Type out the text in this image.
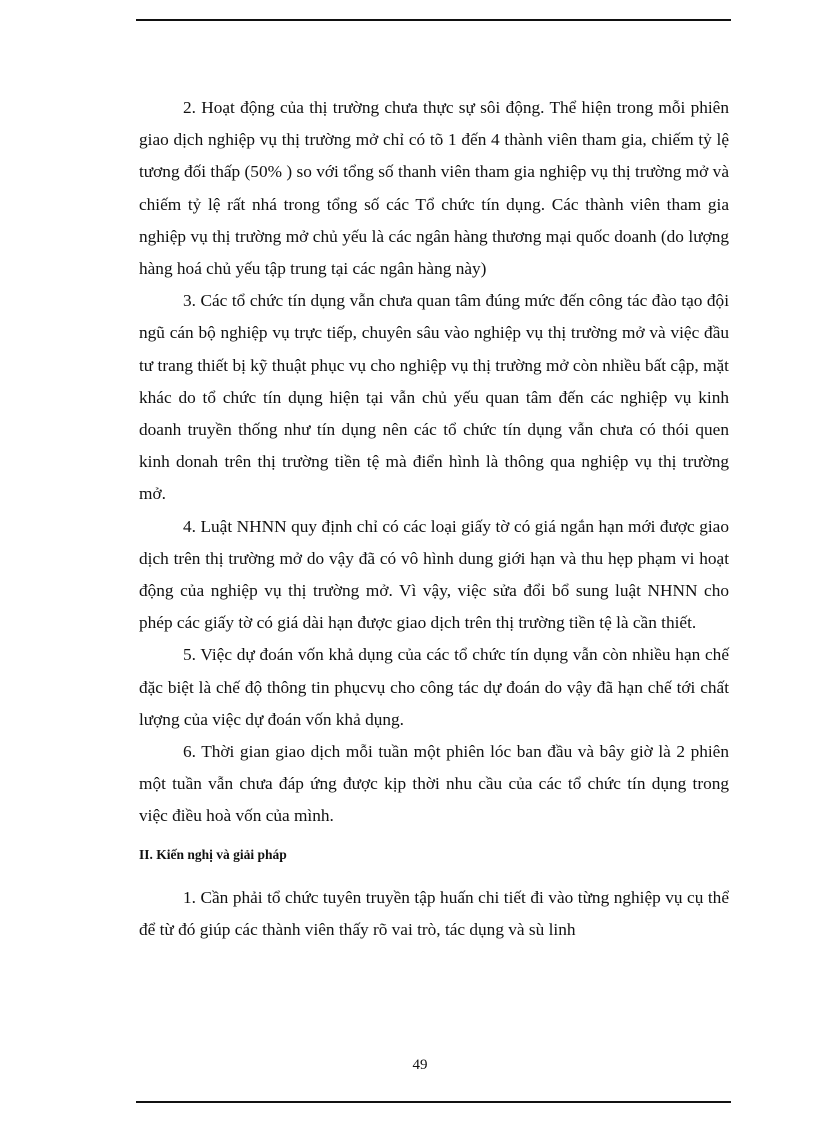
2. Hoạt động của thị trường chưa thực sự sôi động. Thể hiện trong mỗi phiên giao dịch nghiệp vụ thị trường mở chỉ có tõ 1 đến 4 thành viên tham gia, chiếm tỷ lệ tương đối thấp (50% ) so với tổng số thanh viên tham gia nghiệp vụ thị trường mở và chiếm tỷ lệ rất nhá trong tổng số các Tổ chức tín dụng. Các thành viên tham gia nghiệp vụ thị trường mở chủ yếu là các ngân hàng thương mại quốc doanh (do lượng hàng hoá chủ yếu tập trung tại các ngân hàng này)

3. Các tổ chức tín dụng vẫn chưa quan tâm đúng mức đến công tác đào tạo đội ngũ cán bộ nghiệp vụ trực tiếp, chuyên sâu vào nghiệp vụ thị trường mở và việc đầu tư trang thiết bị kỹ thuật phục vụ cho nghiệp vụ thị trường mở còn nhiều bất cập, mặt khác do tổ chức tín dụng hiện tại vẫn chủ yếu quan tâm đến các nghiệp vụ kinh doanh truyền thống như tín dụng nên các tổ chức tín dụng vẫn chưa có thói quen kinh donah trên thị trường tiền tệ mà điển hình là thông qua nghiệp vụ thị trường mở.

4. Luật NHNN quy định chỉ có các loại giấy tờ có giá ngắn hạn mới được giao dịch trên thị trường mở do vậy đã có vô hình dung giới hạn và thu hẹp phạm vi hoạt động của nghiệp vụ thị trường mở. Vì vậy, việc sửa đổi bổ sung luật NHNN cho phép các giấy tờ có giá dài hạn được giao dịch trên thị trường tiền tệ là cần thiết.

5. Việc dự đoán vốn khả dụng của các tổ chức tín dụng vẫn còn nhiều hạn chế đặc biệt là chế độ thông tin phụcvụ cho công tác dự đoán do vậy đã hạn chế tới chất lượng của việc dự đoán vốn khả dụng.

6. Thời gian giao dịch mỗi tuần một phiên lóc ban đầu và bây giờ là 2 phiên một tuần vẫn chưa đáp ứng được kịp thời nhu cầu của các tổ chức tín dụng trong việc điều hoà vốn của mình.

II. Kiến nghị và giải pháp

1. Cần phải tổ chức tuyên truyền tập huấn chi tiết đi vào từng nghiệp vụ cụ thể để từ đó giúp các thành viên thấy rõ vai trò, tác dụng và sù linh

49
